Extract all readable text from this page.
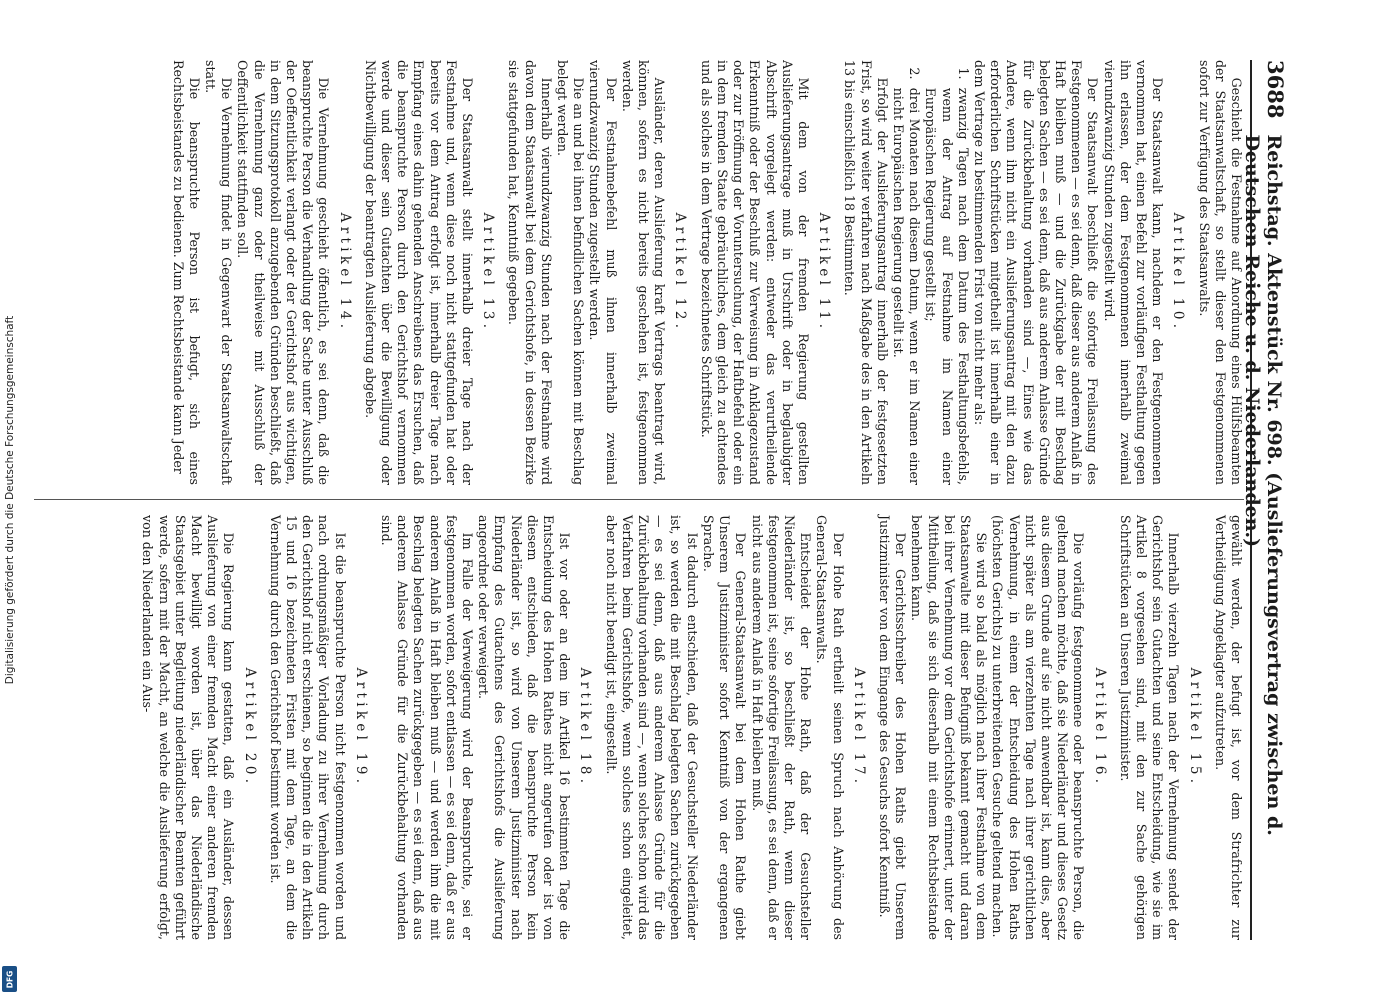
Digitalisierung gefördert durch die Deutsche Forschungsgemeinschaft
DFG
3688
Reichstag. Aktenstück Nr. 698. (Auslieferungsvertrag zwischen d. Deutschen Reiche u. d. Niederlanden.)

Geschieht die Festnahme auf Anordnung eines Hülfsbeamten der Staatsanwaltschaft, so stellt dieser den Festgenommenen sofort zur Verfügung des Staatsanwalts.

Artikel 10.

Der Staatsanwalt kann, nachdem er den Festgenommenen vernommen hat, einen Befehl zur vorläufigen Festhaltung gegen ihn erlassen, der dem Festgenommenen innerhalb zweimal vierundzwanzig Stunden zugestellt wird.

Der Staatsanwalt beschließt die sofortige Freilassung des Festgenommenen — es sei denn, daß dieser aus anderem Anlaß in Haft bleiben muß — und die Zurückgabe der mit Beschlag belegten Sachen — es sei denn, daß aus anderem Anlasse Gründe für die Zurückbehaltung vorhanden sind —, Eines wie das Andere, wenn ihm nicht ein Auslieferungsantrag mit den dazu erforderlichen Schriftstücken mitgetheilt ist innerhalb einer in dem Vertrage zu bestimmenden Frist von nicht mehr als:

1.
zwanzig Tagen nach dem Datum des Festhaltungsbefehls, wenn der Antrag auf Festnahme im Namen einer Europäischen Regierung gestellt ist;

2.
drei Monaten nach diesem Datum, wenn er im Namen einer nicht Europäischen Regierung gestellt ist.

Erfolgt der Auslieferungsantrag innerhalb der festgesetzten Frist, so wird weiter verfahren nach Maßgabe des in den Artikeln 13 bis einschließlich 18 Bestimmten.

Artikel 11.

Mit dem von der fremden Regierung gestellten Auslieferungsantrage muß in Urschrift oder in beglaubigter Abschrift vorgelegt werden: entweder das verurtheilende Erkenntniß oder der Beschluß zur Verweisung in Anklagezustand oder zur Eröffnung der Voruntersuchung, der Haftbefehl oder ein in dem fremden Staate gebräuchliches, dem gleich zu achtendes und als solches in dem Vertrage bezeichnetes Schriftstück.

Artikel 12.

Ausländer, deren Auslieferung kraft Vertrags beantragt wird, können, sofern es nicht bereits geschehen ist, festgenommen werden.

Der Festnahmebefehl muß ihnen innerhalb zweimal vierundzwanzig Stunden zugestellt werden.

Die an und bei ihnen befindlichen Sachen können mit Beschlag belegt werden.

Innerhalb vierundzwanzig Stunden nach der Festnahme wird davon dem Staatsanwalt bei dem Gerichtshofe, in dessen Bezirke sie stattgefunden hat, Kenntniß gegeben.

Artikel 13.

Der Staatsanwalt stellt innerhalb dreier Tage nach der Festnahme und, wenn diese noch nicht stattgefunden hat oder bereits vor dem Antrag erfolgt ist, innerhalb dreier Tage nach Empfang eines dahin gehenden Anschreibens das Ersuchen, daß die beanspruchte Person durch den Gerichtshof vernommen werde und dieser sein Gutachten über die Bewilligung oder Nichtbewilligung der beantragten Auslieferung abgebe.

Artikel 14.

Die Vernehmung geschieht öffentlich, es sei denn, daß die beanspruchte Person die Verhandlung der Sache unter Ausschluß der Oeffentlichkeit verlangt oder der Gerichtshof aus wichtigen, in dem Sitzungsprotokoll anzugebenden Gründen beschließt, daß die Vernehmung ganz oder theilweise mit Ausschluß der Oeffentlichkeit stattfinden soll.

Die Vernehmung findet in Gegenwart der Staatsanwaltschaft statt.

Die beanspruchte Person ist befugt, sich eines Rechtsbeistandes zu bedienen. Zum Rechtsbeistande kann Jeder

gewählt werden, der befugt ist, vor dem Strafrichter zur Vertheidigung Angeklagter aufzutreten.

Artikel 15.

Innerhalb vierzehn Tagen nach der Vernehmung sendet der Gerichtshof sein Gutachten und seine Entscheidung, wie sie im Artikel 8 vorgesehen sind, mit den zur Sache gehörigen Schriftstücken an Unseren Justizminister.

Artikel 16.

Die vorläufig festgenommene oder beanspruchte Person, die geltend machen möchte, daß sie Niederländer und dieses Gesetz aus diesem Grunde auf sie nicht anwendbar ist, kann dies, aber nicht später als am vierzehnten Tage nach ihrer gerichtlichen Vernehmung, in einem der Entscheidung des Hohen Raths (höchsten Gerichts) zu unterbreitenden Gesuche geltend machen.

Sie wird so bald als möglich nach ihrer Festnahme von dem Staatsanwalte mit dieser Befugniß bekannt gemacht und daran bei ihrer Vernehmung vor dem Gerichtshofe erinnert, unter der Mittheilung, daß sie sich dieserhalb mit einem Rechtsbeistande benehmen kann.

Der Gerichtsschreiber des Hohen Raths giebt Unserem Justizminister von dem Eingange des Gesuchs sofort Kenntniß.

Artikel 17.

Der Hohe Rath ertheilt seinen Spruch nach Anhörung des General-Staatsanwalts.

Entscheidet der Hohe Rath, daß der Gesuchsteller Niederländer ist, so beschließt der Rath, wenn dieser festgenommen ist, seine sofortige Freilassung, es sei denn, daß er nicht aus anderem Anlaß in Haft bleiben muß.

Der General-Staatsanwalt bei dem Hohen Rathe giebt Unserem Justizminister sofort Kenntniß von der ergangenen Sprache.

Ist dadurch entschieden, daß der Gesuchsteller Niederländer ist, so werden die mit Beschlag belegten Sachen zurückgegeben — es sei denn, daß aus anderem Anlasse Gründe für die Zurückbehaltung vorhanden sind —, wenn solches schon wird das Verfahren beim Gerichtshofe, wenn solches schon eingeleitet, aber noch nicht beendigt ist, eingestellt.

Artikel 18.

Ist vor oder an dem im Artikel 16 bestimmten Tage die Entscheidung des Hohen Rathes nicht angerufen oder ist von diesem entschieden, daß die beanspruchte Person kein Niederländer ist, so wird von Unserem Justizminister nach Empfang des Gutachtens des Gerichtshofs die Auslieferung angeordnet oder verweigert.

Im Falle der Verweigerung wird der Beanspruchte, sei er festgenommen worden, sofort entlassen — es sei denn, daß er aus anderem Anlaß in Haft bleiben muß — und werden ihm die mit Beschlag belegten Sachen zurückgegeben — es sei denn, daß aus anderem Anlasse Gründe für die Zurückbehaltung vorhanden sind.

Artikel 19.

Ist die beanspruchte Person nicht festgenommen worden und nach ordnungsmäßiger Vorladung zu ihrer Vernehmung durch den Gerichtshof nicht erschienen, so beginnen die in den Artikeln 15 und 16 bezeichneten Fristen mit dem Tage, an dem die Vernehmung durch den Gerichtshof bestimmt worden ist.

Artikel 20.

Die Regierung kann gestatten, daß ein Ausländer, dessen Auslieferung von einer fremden Macht einer anderen fremden Macht bewilligt worden ist, über das Niederländische Staatsgebiet unter Begleitung niederländischer Beamten geführt werde, sofern mit der Macht, an welche die Auslieferung erfolgt, von den Niederlanden ein Aus-
